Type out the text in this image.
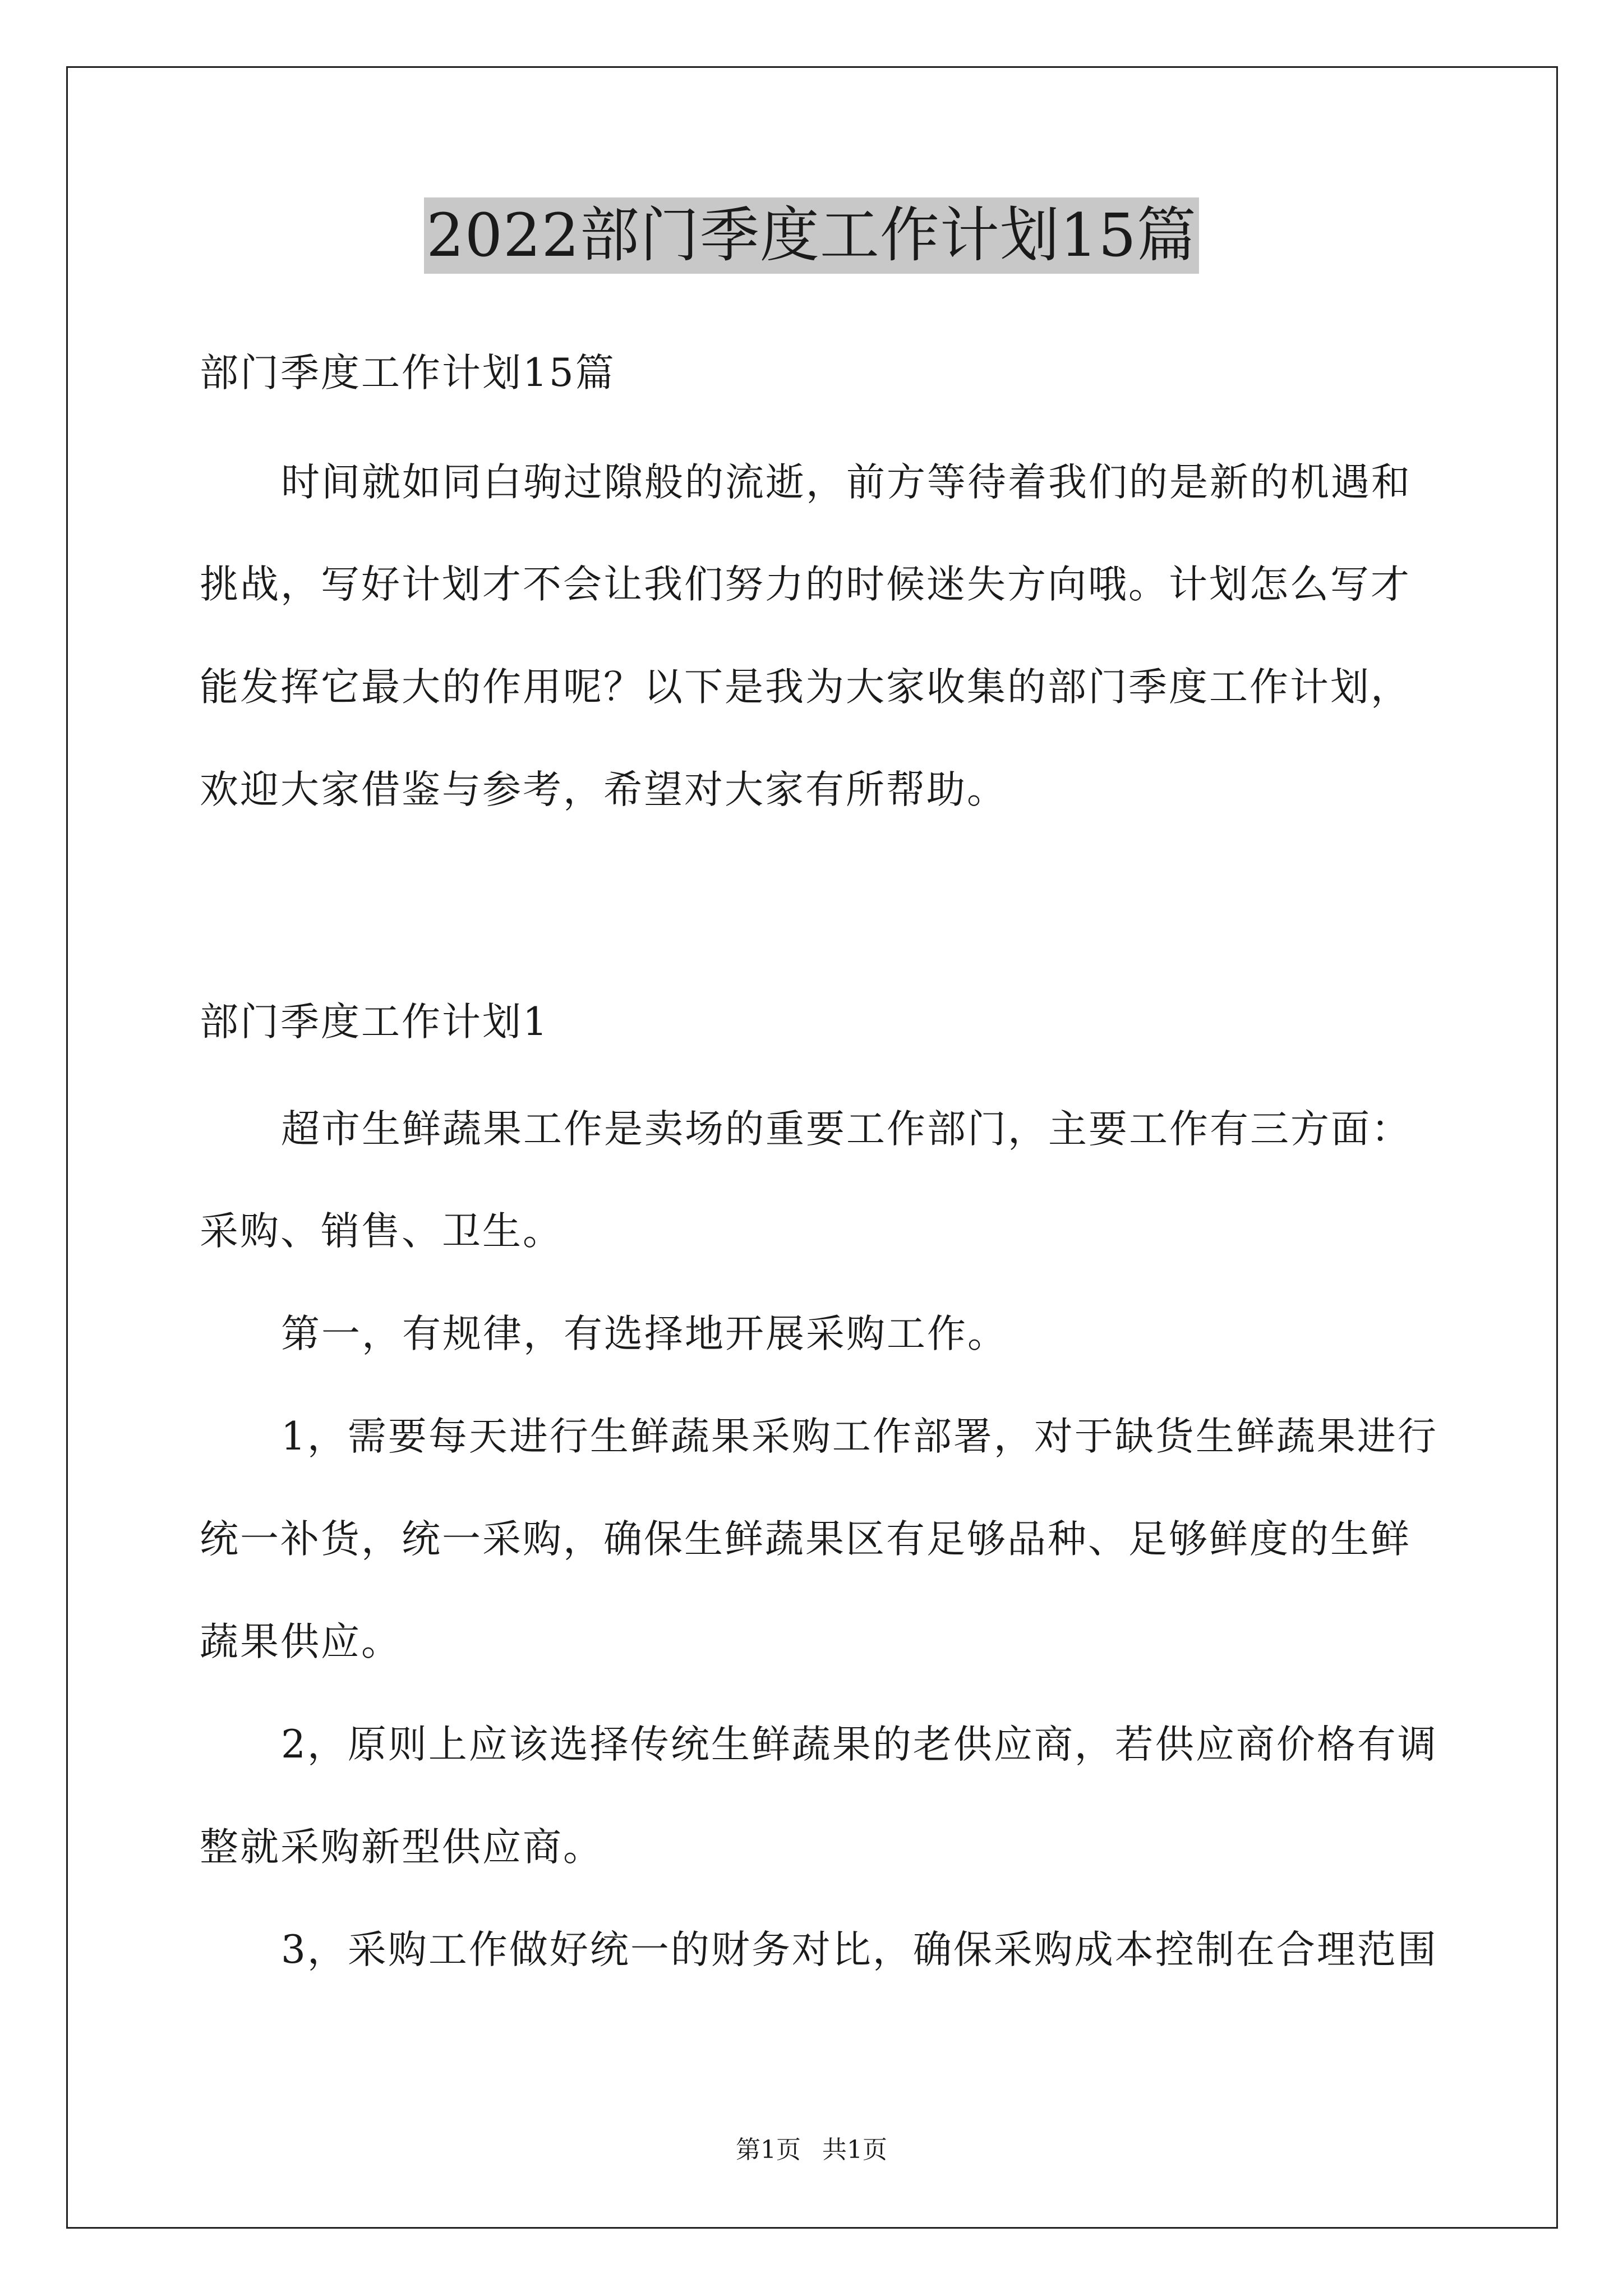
2022部门季度工作计划15篇
部门季度工作计划15篇
时间就如同白驹过隙般的流逝，前方等待着我们的是新的机遇和
挑战，写好计划才不会让我们努力的时候迷失方向哦。计划怎么写才
能发挥它最大的作用呢？以下是我为大家收集的部门季度工作计划，
欢迎大家借鉴与参考，希望对大家有所帮助。
部门季度工作计划1
超市生鲜蔬果工作是卖场的重要工作部门，主要工作有三方面：
采购、销售、卫生。
第一，有规律，有选择地开展采购工作。
1，需要每天进行生鲜蔬果采购工作部署，对于缺货生鲜蔬果进行
统一补货，统一采购，确保生鲜蔬果区有足够品种、足够鲜度的生鲜
蔬果供应。
2，原则上应该选择传统生鲜蔬果的老供应商，若供应商价格有调
整就采购新型供应商。
3，采购工作做好统一的财务对比，确保采购成本控制在合理范围
第1页 共1页
